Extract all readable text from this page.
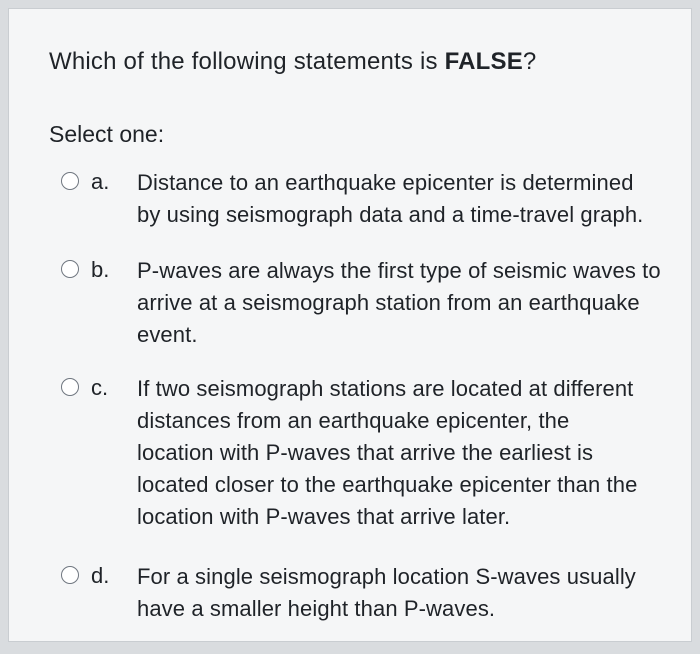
Which of the following statements is FALSE?
Select one:
a. Distance to an earthquake epicenter is determined
by using seismograph data and a time-travel graph.
b. P-waves are always the first type of seismic waves to
arrive at a seismograph station from an earthquake
event.
c. If two seismograph stations are located at different
distances from an earthquake epicenter, the
location with P-waves that arrive the earliest is
located closer to the earthquake epicenter than the
location with P-waves that arrive later.
d. For a single seismograph location S-waves usually
have a smaller height than P-waves.
